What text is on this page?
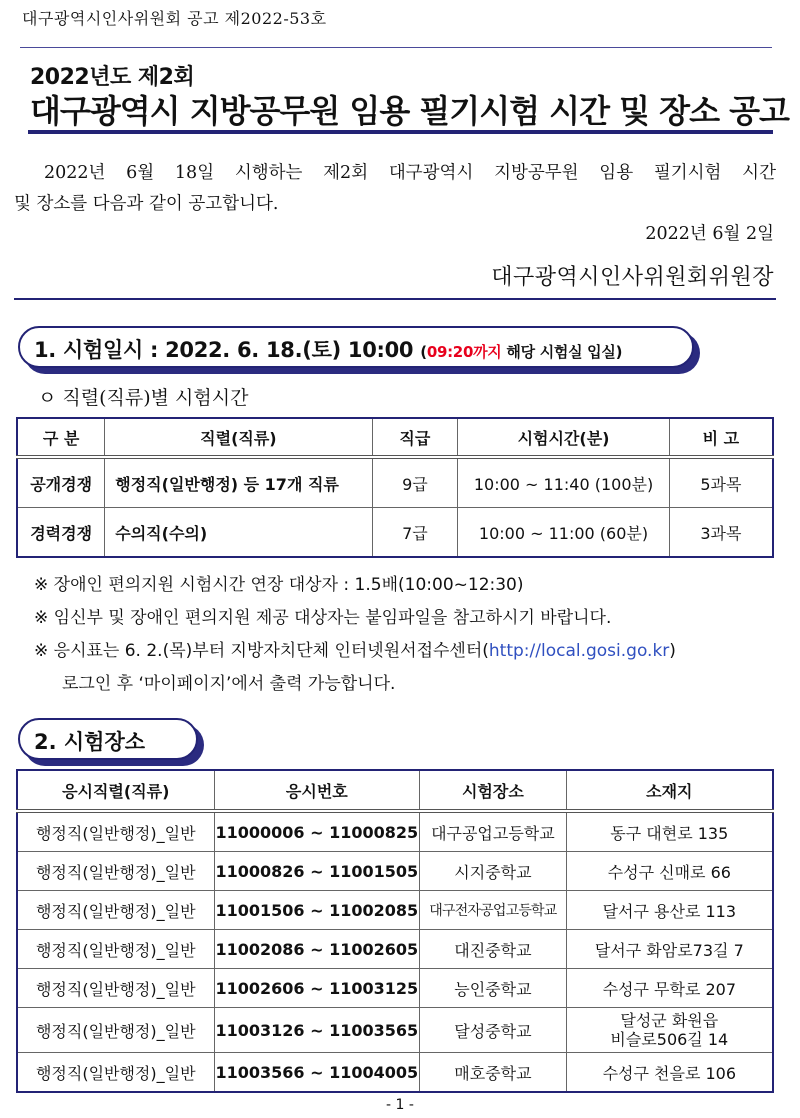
대구광역시인사위원회 공고 제2022-53호
2022년도 제2회
대구광역시 지방공무원 임용 필기시험 시간 및 장소 공고
2022년 6월 18일 시행하는 제2회 대구광역시 지방공무원 임용 필기시험 시간
및 장소를 다음과 같이 공고합니다.
2022년 6월 2일
대구광역시인사위원회위원장
1. 시험일시 : 2022. 6. 18.(토) 10:00 (09:20까지 해당 시험실 입실)
ㅇ 직렬(직류)별 시험시간
구 분	직렬(직류)	직급	시험시간(분)	비 고
공개경쟁	행정직(일반행정) 등 17개 직류	9급	10:00 ~ 11:40 (100분)	5과목
경력경쟁	수의직(수의)	7급	10:00 ~ 11:00 (60분)	3과목
※ 장애인 편의지원 시험시간 연장 대상자 : 1.5배(10:00~12:30)
※ 임신부 및 장애인 편의지원 제공 대상자는 붙임파일을 참고하시기 바랍니다.
※ 응시표는 6. 2.(목)부터 지방자치단체 인터넷원서접수센터(http://local.gosi.go.kr)
로그인 후 ‘마이페이지’에서 출력 가능합니다.
2. 시험장소
응시직렬(직류)	응시번호	시험장소	소재지
행정직(일반행정)_일반	11000006 ~ 11000825	대구공업고등학교	동구 대현로 135
행정직(일반행정)_일반	11000826 ~ 11001505	시지중학교	수성구 신매로 66
행정직(일반행정)_일반	11001506 ~ 11002085	대구전자공업고등학교	달서구 용산로 113
행정직(일반행정)_일반	11002086 ~ 11002605	대진중학교	달서구 화암로73길 7
행정직(일반행정)_일반	11002606 ~ 11003125	능인중학교	수성구 무학로 207
행정직(일반행정)_일반	11003126 ~ 11003565	달성중학교	달성군 화원읍
비슬로506길 14

행정직(일반행정)_일반	11003566 ~ 11004005	매호중학교	수성구 천을로 106
- 1 -
